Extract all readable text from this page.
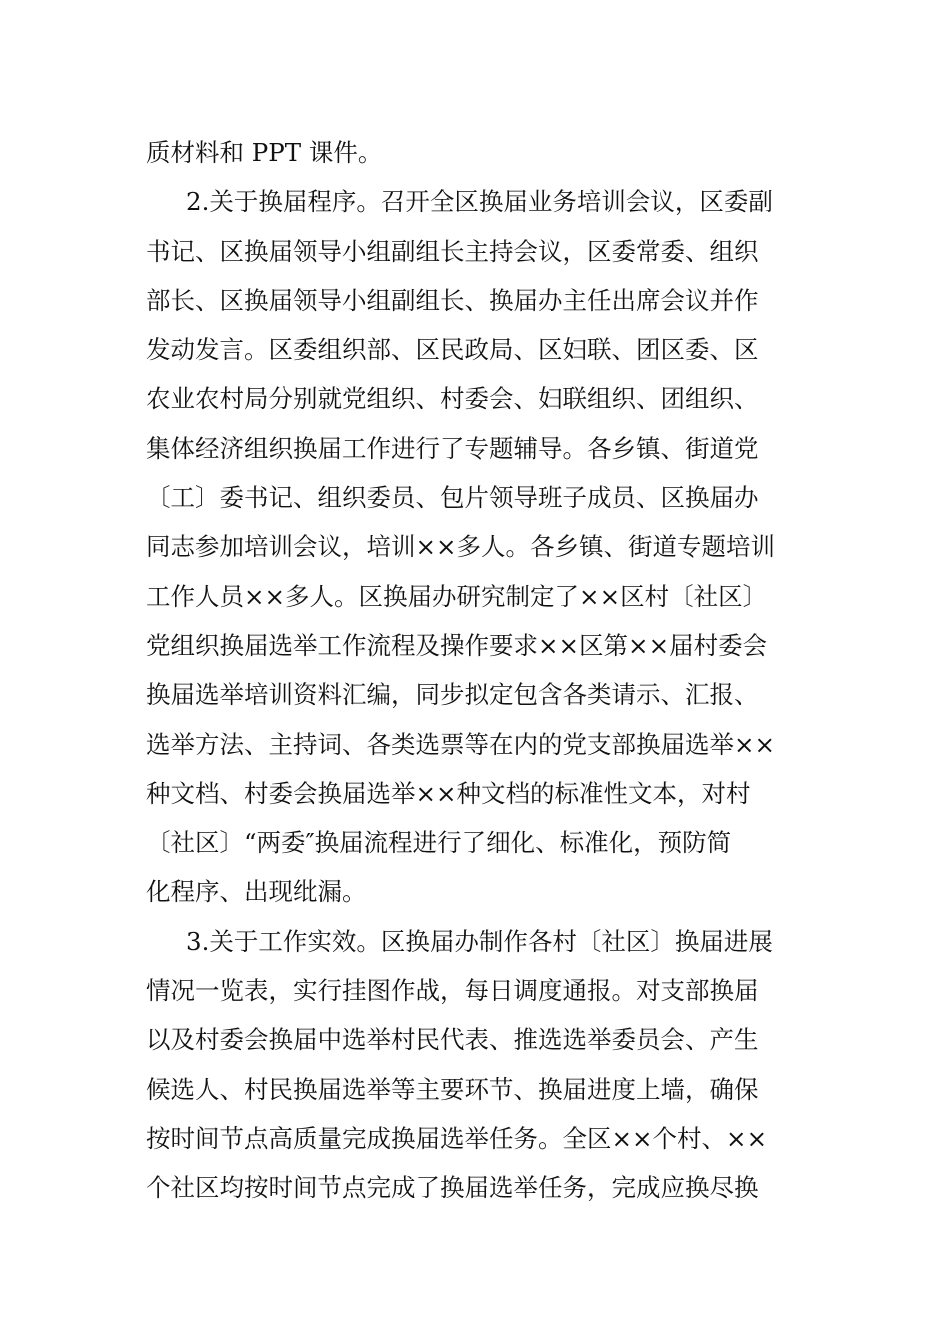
质材料和 PPT 课件。
2.关于换届程序。召开全区换届业务培训会议，区委副
书记、区换届领导小组副组长主持会议，区委常委、组织
部长、区换届领导小组副组长、换届办主任出席会议并作
发动发言。区委组织部、区民政局、区妇联、团区委、区
农业农村局分别就党组织、村委会、妇联组织、团组织、
集体经济组织换届工作进行了专题辅导。各乡镇、街道党
〔工〕委书记、组织委员、包片领导班子成员、区换届办
同志参加培训会议，培训××多人。各乡镇、街道专题培训
工作人员××多人。区换届办研究制定了××区村〔社区〕
党组织换届选举工作流程及操作要求××区第××届村委会
换届选举培训资料汇编，同步拟定包含各类请示、汇报、
选举方法、主持词、各类选票等在内的党支部换届选举××
种文档、村委会换届选举××种文档的标准性文本，对村
〔社区〕“两委″换届流程进行了细化、标准化，预防简
化程序、出现纰漏。
3.关于工作实效。区换届办制作各村〔社区〕换届进展
情况一览表，实行挂图作战，每日调度通报。对支部换届
以及村委会换届中选举村民代表、推选选举委员会、产生
候选人、村民换届选举等主要环节、换届进度上墙，确保
按时间节点高质量完成换届选举任务。全区××个村、××
个社区均按时间节点完成了换届选举任务，完成应换尽换
